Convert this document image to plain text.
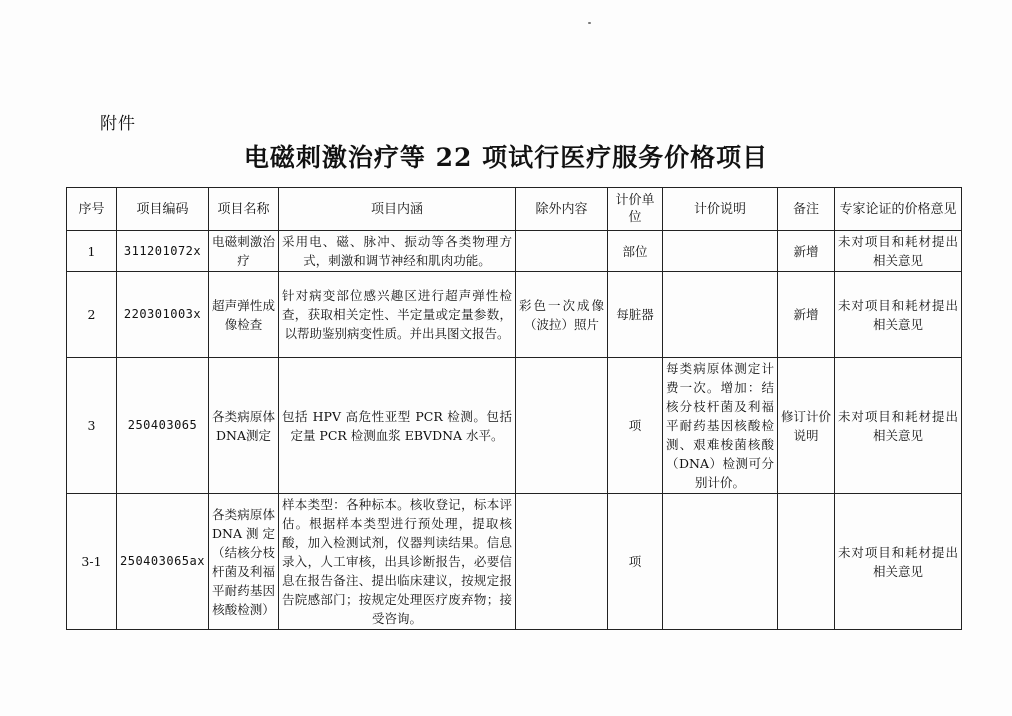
附件
电磁刺激治疗等 22 项试行医疗服务价格项目
序号	项目编码	项目名称	项目内涵	除外内容	计价单位	计价说明	备注	专家论证的价格意见
1	311201072x	电磁刺激治疗	采用电、磁、脉冲、振动等各类物理方式，刺激和调节神经和肌肉功能。		部位		新增	未对项目和耗材提出相关意见
2	220301003x	超声弹性成像检查	针对病变部位感兴趣区进行超声弹性检查，获取相关定性、半定量或定量参数，以帮助鉴别病变性质。并出具图文报告。	彩色一次成像（波拉）照片	每脏器		新增	未对项目和耗材提出相关意见
3	250403065	各类病原体DNA测定	包括 HPV 高危性亚型 PCR 检测。包括定量 PCR 检测血浆 EBVDNA 水平。		项	每类病原体测定计费一次。增加：结核分枝杆菌及利福平耐药基因核酸检测、艰难梭菌核酸（DNA）检测可分别计价。	修订计价说明	未对项目和耗材提出相关意见
3-1	250403065ax	各类病原体DNA测定（结核分枝杆菌及利福平耐药基因核酸检测）	样本类型：各种标本。核收登记，标本评估。根据样本类型进行预处理，提取核酸，加入检测试剂，仪器判读结果。信息录入，人工审核，出具诊断报告，必要信息在报告备注、提出临床建议，按规定报告院感部门；按规定处理医疗废弃物；接受咨询。		项			未对项目和耗材提出相关意见
